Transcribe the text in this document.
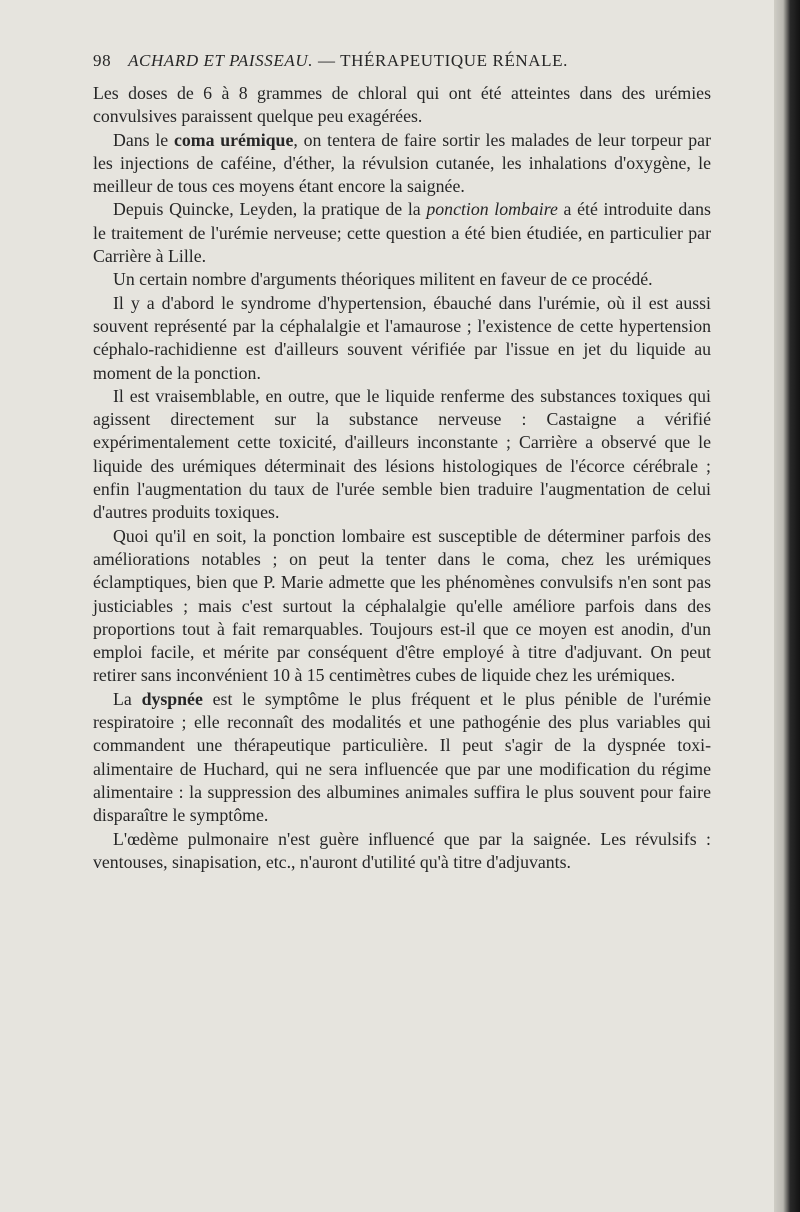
98 ACHARD ET PAISSEAU. — THÉRAPEUTIQUE RÉNALE.

Les doses de 6 à 8 grammes de chloral qui ont été atteintes dans des urémies convulsives paraissent quelque peu exagérées.

Dans le coma urémique, on tentera de faire sortir les malades de leur torpeur par les injections de caféine, d'éther, la révulsion cutanée, les inhalations d'oxygène, le meilleur de tous ces moyens étant encore la saignée.

Depuis Quincke, Leyden, la pratique de la ponction lombaire a été introduite dans le traitement de l'urémie nerveuse; cette question a été bien étudiée, en particulier par Carrière à Lille.

Un certain nombre d'arguments théoriques militent en faveur de ce procédé.

Il y a d'abord le syndrome d'hypertension, ébauché dans l'urémie, où il est aussi souvent représenté par la céphalalgie et l'amaurose ; l'existence de cette hypertension céphalo-rachidienne est d'ailleurs souvent vérifiée par l'issue en jet du liquide au moment de la ponction.

Il est vraisemblable, en outre, que le liquide renferme des substances toxiques qui agissent directement sur la substance nerveuse : Castaigne a vérifié expérimentalement cette toxicité, d'ailleurs inconstante ; Carrière a observé que le liquide des urémiques déterminait des lésions histologiques de l'écorce cérébrale ; enfin l'augmentation du taux de l'urée semble bien traduire l'augmentation de celui d'autres produits toxiques.

Quoi qu'il en soit, la ponction lombaire est susceptible de déterminer parfois des améliorations notables ; on peut la tenter dans le coma, chez les urémiques éclamptiques, bien que P. Marie admette que les phénomènes convulsifs n'en sont pas justiciables ; mais c'est surtout la céphalalgie qu'elle améliore parfois dans des proportions tout à fait remarquables. Toujours est-il que ce moyen est anodin, d'un emploi facile, et mérite par conséquent d'être employé à titre d'adjuvant. On peut retirer sans inconvénient 10 à 15 centimètres cubes de liquide chez les urémiques.

La dyspnée est le symptôme le plus fréquent et le plus pénible de l'urémie respiratoire ; elle reconnaît des modalités et une pathogénie des plus variables qui commandent une thérapeutique particulière. Il peut s'agir de la dyspnée toxi-alimentaire de Huchard, qui ne sera influencée que par une modification du régime alimentaire : la suppression des albumines animales suffira le plus souvent pour faire disparaître le symptôme.

L'œdème pulmonaire n'est guère influencé que par la saignée. Les révulsifs : ventouses, sinapisation, etc., n'auront d'utilité qu'à titre d'adjuvants.
